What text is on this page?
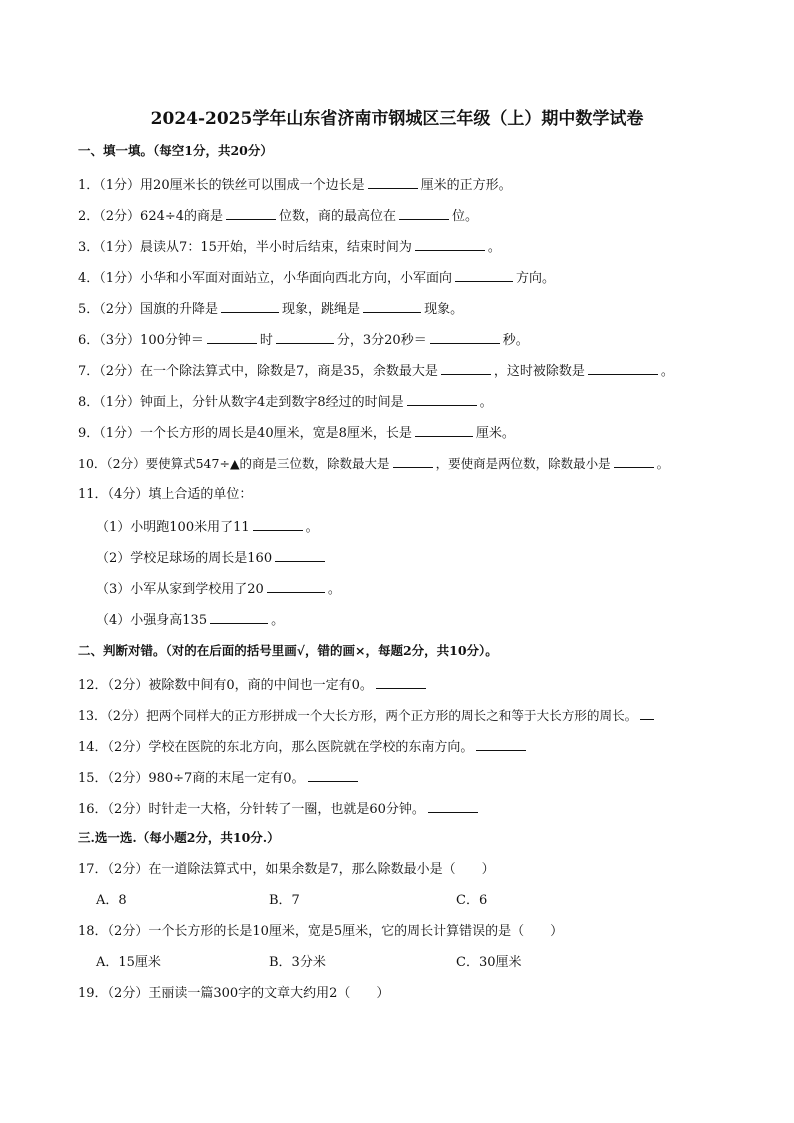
2024-2025学年山东省济南市钢城区三年级（上）期中数学试卷
一、填一填。（每空1分，共20分）
1．（1分）用20厘米长的铁丝可以围成一个边长是	厘米的正方形。
2．（2分）624÷4的商是	位数，商的最高位在	位。
3．（1分）晨读从7：15开始，半小时后结束，结束时间为	。
4．（1分）小华和小军面对面站立，小华面向西北方向，小军面向	方向。
5．（2分）国旗的升降是	现象，跳绳是	现象。
6．（3分）100分钟＝	时	分，3分20秒＝	秒。
7．（2分）在一个除法算式中，除数是7，商是35，余数最大是	，这时被除数是	。
8．（1分）钟面上，分针从数字4走到数字8经过的时间是	。
9．（1分）一个长方形的周长是40厘米，宽是8厘米，长是	厘米。
10．（2分）要使算式547÷▲的商是三位数，除数最大是	，要使商是两位数，除数最小是	。
11．（4分）填上合适的单位：
（1）小明跑100米用了11	。
（2）学校足球场的周长是160
（3）小军从家到学校用了20	。
（4）小强身高135	。
二、判断对错。（对的在后面的括号里画√，错的画×，每题2分，共10分）。
12．（2分）被除数中间有0，商的中间也一定有0。
13．（2分）把两个同样大的正方形拼成一个大长方形，两个正方形的周长之和等于大长方形的周长。
14．（2分）学校在医院的东北方向，那么医院就在学校的东南方向。
15．（2分）980÷7商的末尾一定有0。
16．（2分）时针走一大格，分针转了一圈，也就是60分钟。
三.选一选.（每小题2分，共10分.）
17．（2分）在一道除法算式中，如果余数是7，那么除数最小是（　　）
A．8	B．7	C．6
18．（2分）一个长方形的长是10厘米，宽是5厘米，它的周长计算错误的是（　　）
A．15厘米	B．3分米	C．30厘米
19．（2分）王丽读一篇300字的文章大约用2（　　）
